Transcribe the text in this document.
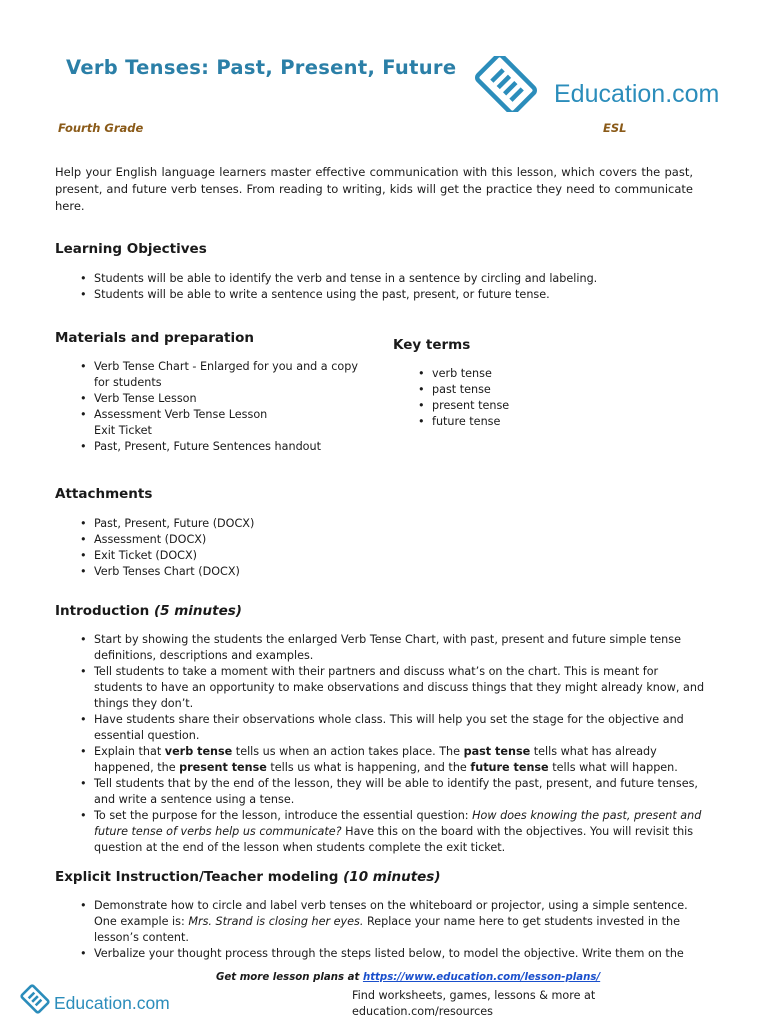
Verb Tenses: Past, Present, Future
Education.com
Fourth Grade	ESL

Help your English language learners master effective communication with this lesson, which covers the past, present, and future verb tenses. From reading to writing, kids will get the practice they need to communicate here.

Learning Objectives
• Students will be able to identify the verb and tense in a sentence by circling and labeling.
• Students will be able to write a sentence using the past, present, or future tense.
Materials and preparation
• Verb Tense Chart - Enlarged for you and a copy for students
• Verb Tense Lesson
• Assessment Verb Tense Lesson Exit Ticket
• Past, Present, Future Sentences handout
Key terms
• verb tense
• past tense
• present tense
• future tense
Attachments
• Past, Present, Future (DOCX)
• Assessment (DOCX)
• Exit Ticket (DOCX)
• Verb Tenses Chart (DOCX)
Introduction (5 minutes)
• Start by showing the students the enlarged Verb Tense Chart, with past, present and future simple tense definitions, descriptions and examples.
• Tell students to take a moment with their partners and discuss what’s on the chart. This is meant for students to have an opportunity to make observations and discuss things that they might already know, and things they don’t.
• Have students share their observations whole class. This will help you set the stage for the objective and essential question.
• Explain that verb tense tells us when an action takes place. The past tense tells what has already happened, the present tense tells us what is happening, and the future tense tells what will happen.
• Tell students that by the end of the lesson, they will be able to identify the past, present, and future tenses, and write a sentence using a tense.
• To set the purpose for the lesson, introduce the essential question: How does knowing the past, present and future tense of verbs help us communicate? Have this on the board with the objectives. You will revisit this question at the end of the lesson when students complete the exit ticket.
Explicit Instruction/Teacher modeling (10 minutes)
• Demonstrate how to circle and label verb tenses on the whiteboard or projector, using a simple sentence. One example is: Mrs. Strand is closing her eyes. Replace your name here to get students invested in the lesson’s content.
• Verbalize your thought process through the steps listed below, to model the objective. Write them on the
Get more lesson plans at https://www.education.com/lesson-plans/
Education.com	Find worksheets, games, lessons & more at
education.com/resources
